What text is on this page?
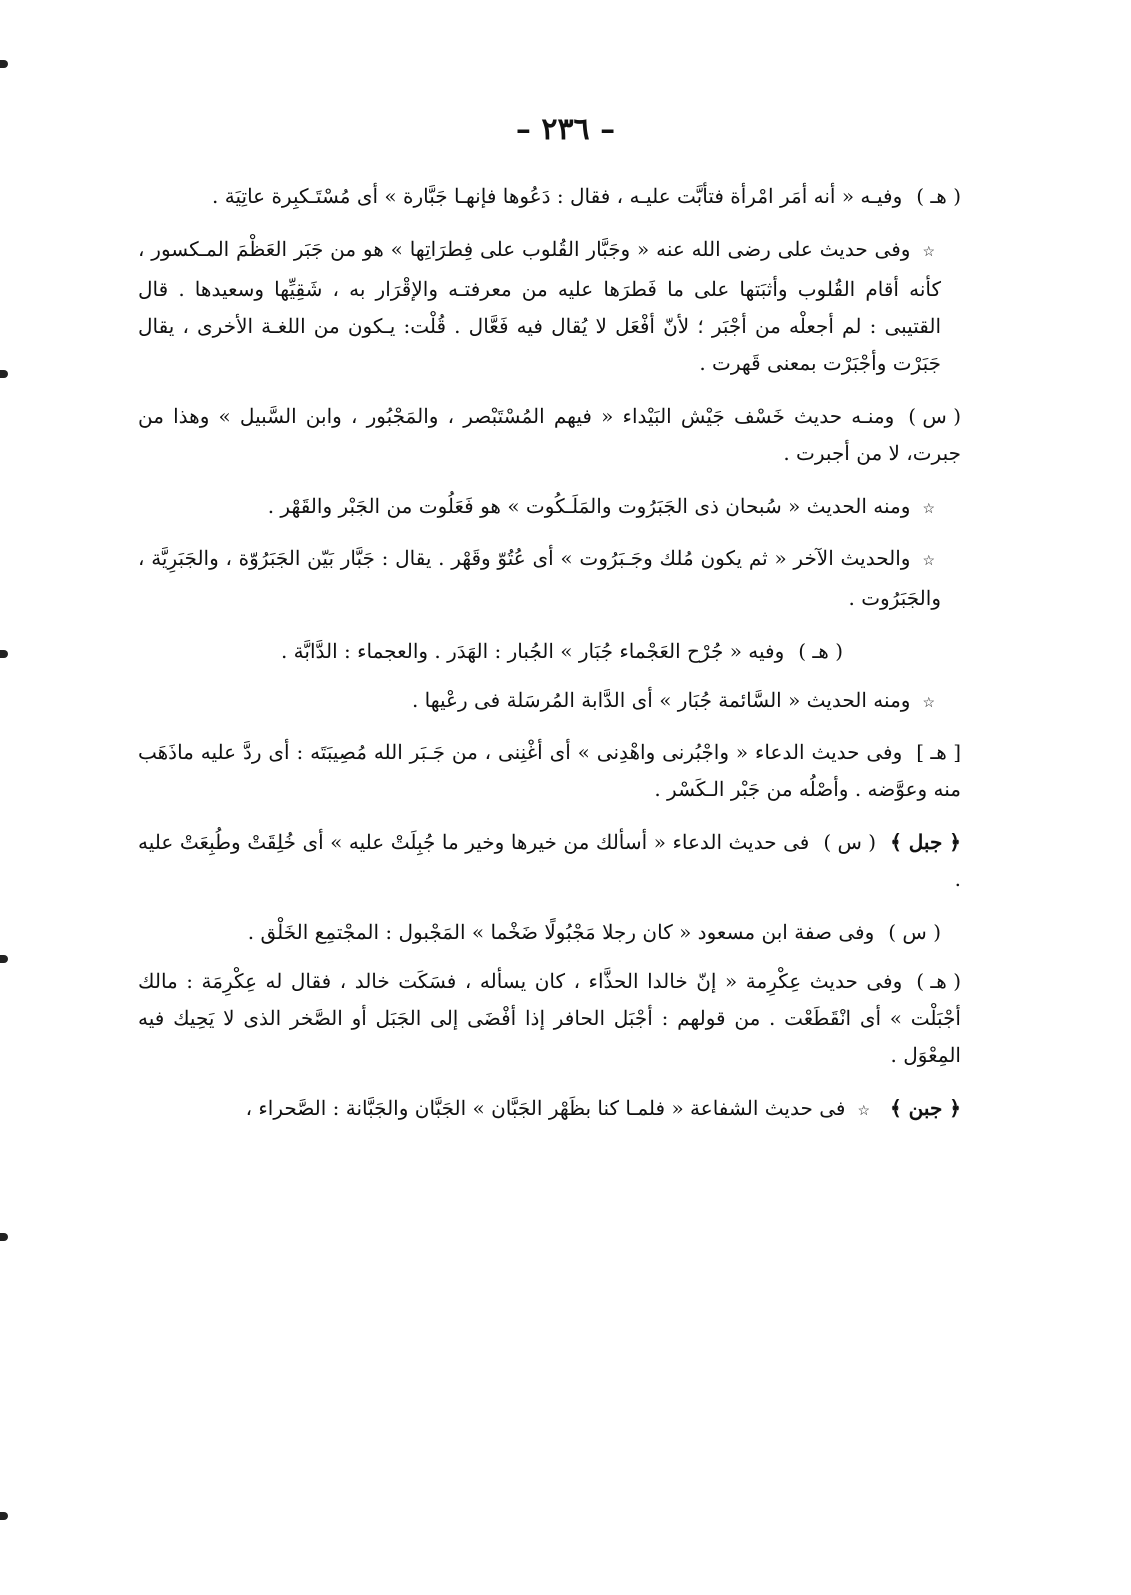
– ٢٣٦ –

( هـ )وفيـه « أنه أمَر امْرأة فتأبَّت عليـه ، فقال : دَعُوها فإنهـا جَبَّارة » أى مُسْتَـكبِرة عاتِيَة .

☆وفى حديث على رضى الله عنه « وجَبَّار القُلوب على فِطرَاتِها » هو من جَبَر العَظْمَ المـكسور ، كأنه أقام القُلوب وأثبَتها على ما فَطرَها عليه من معرفتـه والإقْرَار به ، شَقِيِّها وسعيدها . قال القتيبى : لم أجعلْه من أجْبَر ؛ لأنّ أفْعَل لا يُقال فيه فَعَّال . قُلْت: يـكون من اللغـة الأخرى ، يقال جَبَرْت وأجْبَرْت بمعنى قَهرت .

( س )ومنـه حديث خَسْف جَيْش البَيْداء « فيهم المُسْتَبْصر ، والمَجْبُور ، وابن السَّبيل » وهذا من جبرت، لا من أجبرت .

☆ومنه الحديث « سُبحان ذى الجَبَرُوت والمَلَـكُوت » هو فَعَلُوت من الجَبْر والقَهْر .

☆والحديث الآخر « ثم يكون مُلك وجَـبَرُوت » أى عُتُوّ وقَهْر . يقال : جَبَّار بَيّن الجَبَرُوّة ، والجَبَرِيَّة ، والجَبَرُوت .

( هـ )وفيه « جُرْح العَجْماء جُبَار » الجُبار : الهَدَر . والعجماء : الدَّابَّة .

☆ومنه الحديث « السَّائمة جُبَار » أى الدَّابة المُرسَلة فى رعْيها .

[ هـ ]وفى حديث الدعاء « واجْبُرنى واهْدِنى » أى أغْنِنى ، من جَـبَر الله مُصِيبَتَه : أى ردَّ عليه ماذَهَب منه وعوَّضه . وأصْلُه من جَبْر الـكَسْر .

﴿ جبل ﴾( س )فى حديث الدعاء « أسألك من خيرها وخير ما جُبِلَتْ عليه » أى خُلِقَتْ وطُبِعَتْ عليه .

( س )وفى صفة ابن مسعود « كان رجلا مَجْبُولًا ضَخْما » المَجْبول : المجْتمِع الخَلْق .

( هـ )وفى حديث عِكْرِمة « إنّ خالدا الحذَّاء ، كان يسأله ، فسَكَت خالد ، فقال له عِكْرِمَة : مالك أجْبَلْت » أى انْقَطَعْت . من قولهم : أجْبَل الحافر إذا أفْضَى إلى الجَبَل أو الصَّخر الذى لا يَحِيك فيه المِعْوَل .

﴿ جبن ﴾☆فى حديث الشفاعة « فلمـا كنا بظَهْر الجَبَّان » الجَبَّان والجَبَّانة : الصَّحراء ،
